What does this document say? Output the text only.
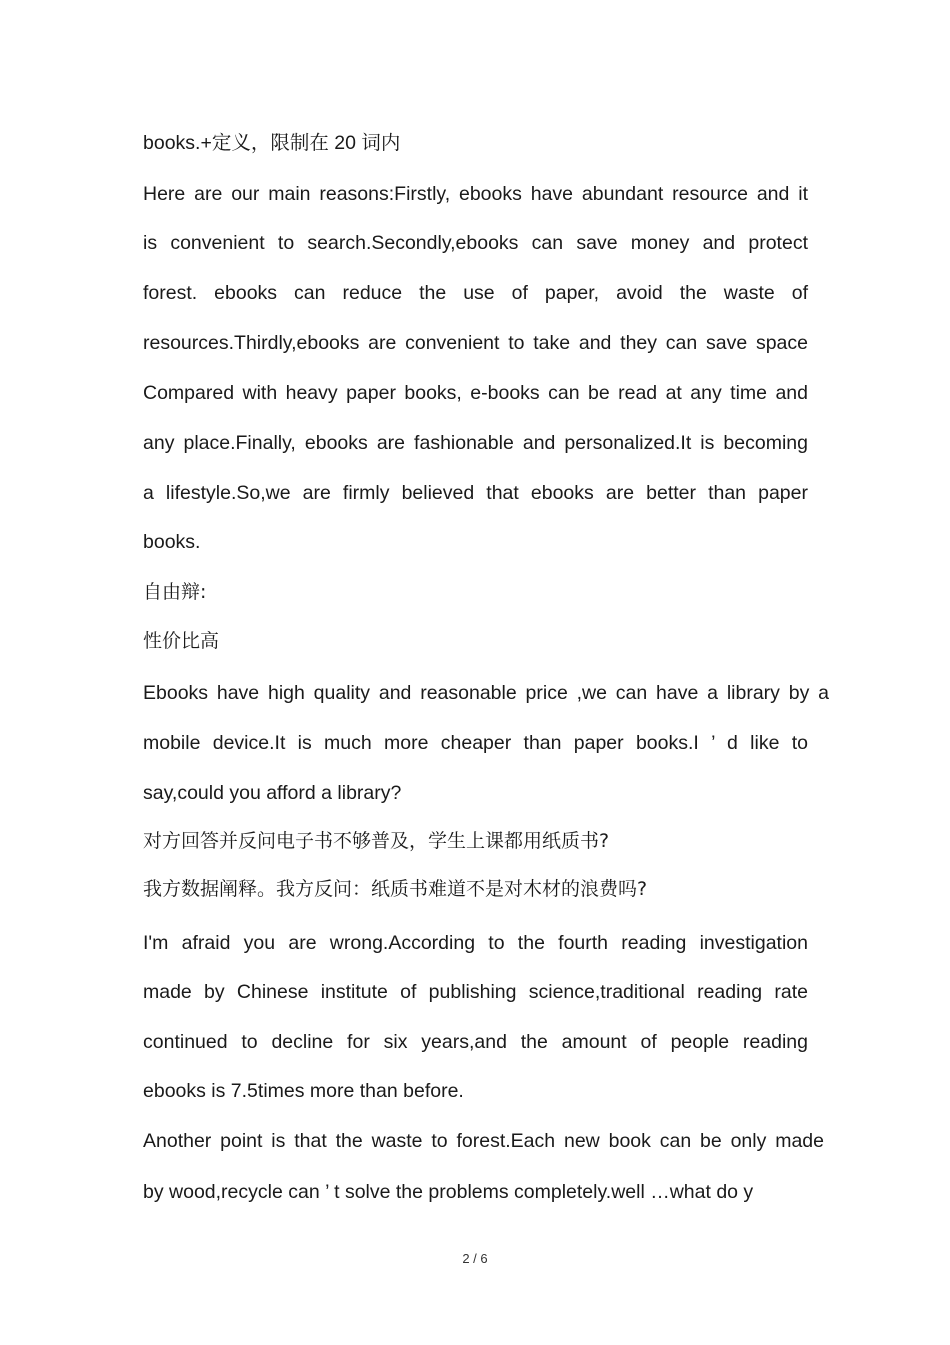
books.+定义，限制在 20 词内
Here are our main reasons:Firstly, ebooks have abundant resource and it
is convenient to search.Secondly,ebooks can save money and protect
forest. ebooks can reduce the use of paper, avoid the waste of
resources.Thirdly,ebooks are convenient to take and they can save space
Compared with heavy paper books, e-books can be read at any time and
any place.Finally, ebooks are fashionable and personalized.It is becoming
a lifestyle.So,we are firmly believed that ebooks are better than paper
books.
自由辩:
性价比高
Ebooks have high quality and reasonable price ,we can have a library by a
mobile device.It is much more cheaper than paper books.I ’ d like to
say,could you afford a library?
对方回答并反问电子书不够普及，学生上课都用纸质书?
我方数据阐释。我方反问：纸质书难道不是对木材的浪费吗?
I'm afraid you are wrong.According to the fourth reading investigation
made by Chinese institute of publishing science,traditional reading rate
continued to decline for six years,and the amount of people reading
ebooks is 7.5times more than before.
Another point is that the waste to forest.Each new book can be only made
by wood,recycle can ’ t solve the problems completely.well …what do y
2 / 6
